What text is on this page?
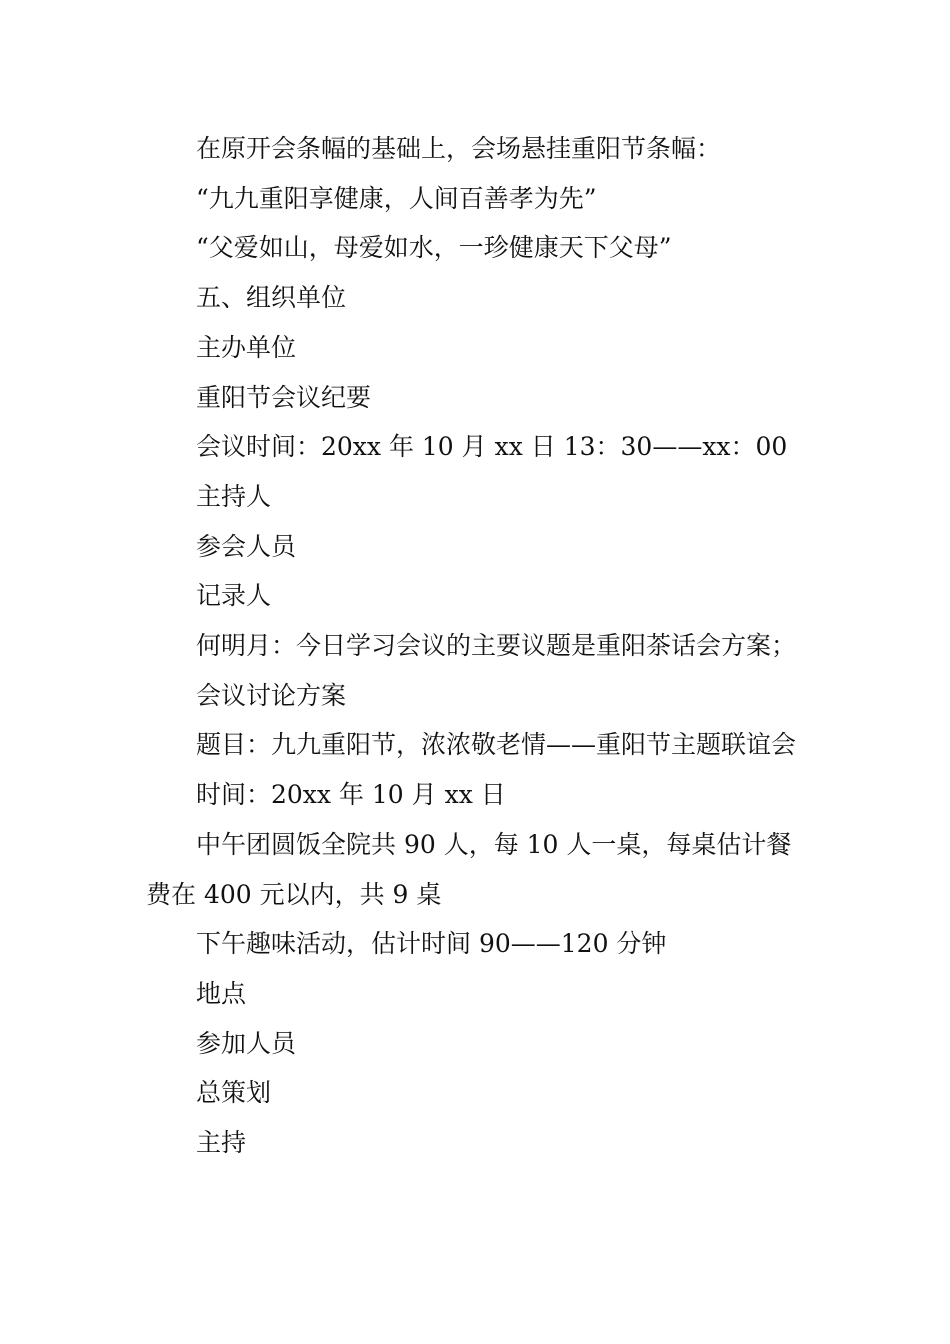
在原开会条幅的基础上，会场悬挂重阳节条幅：

“九九重阳享健康，人间百善孝为先”

“父爱如山，母爱如水，一珍健康天下父母”

五、组织单位

主办单位

重阳节会议纪要

会议时间：20xx 年 10 月 xx 日 13：30——xx：00

主持人

参会人员

记录人

何明月：今日学习会议的主要议题是重阳茶话会方案；

会议讨论方案

题目：九九重阳节，浓浓敬老情——重阳节主题联谊会

时间：20xx 年 10 月 xx 日

中午团圆饭全院共 90 人，每 10 人一桌，每桌估计餐费在 400 元以内，共 9 桌

下午趣味活动，估计时间 90——120 分钟

地点

参加人员

总策划

主持
